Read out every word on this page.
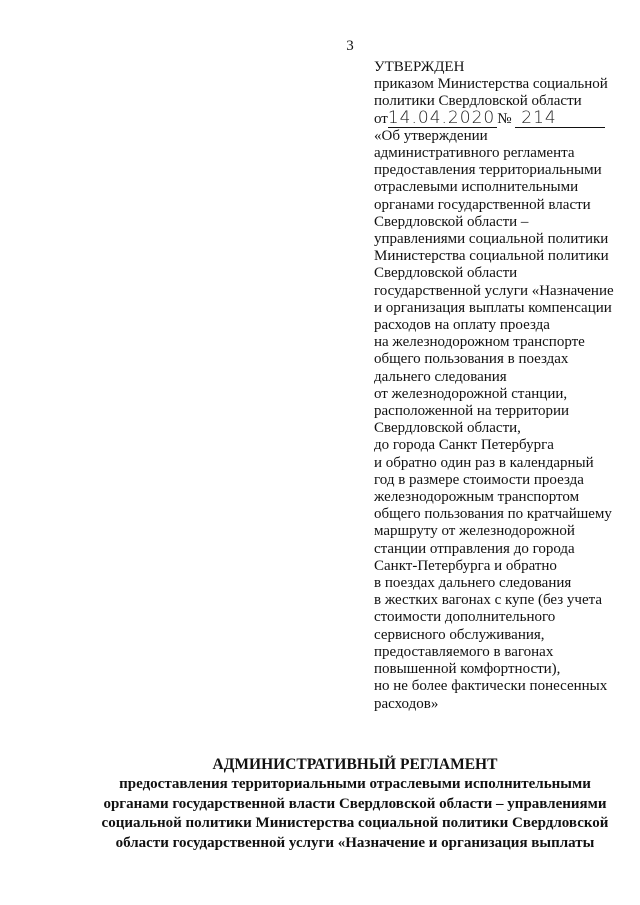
3
УТВЕРЖДЕН
приказом Министерства социальной
политики Свердловской области
от14.04.2020 № 214
«Об утверждении
административного регламента
предоставления территориальными
отраслевыми исполнительными
органами государственной власти
Свердловской области –
управлениями социальной политики
Министерства социальной политики
Свердловской области
государственной услуги «Назначение
и организация выплаты компенсации
расходов на оплату проезда
на железнодорожном транспорте
общего пользования в поездах
дальнего следования
от железнодорожной станции,
расположенной на территории
Свердловской области,
до города Санкт Петербурга
и обратно один раз в календарный
год в размере стоимости проезда
железнодорожным транспортом
общего пользования по кратчайшему
маршруту от железнодорожной
станции отправления до города
Санкт-Петербурга и обратно
в поездах дальнего следования
в жестких вагонах с купе (без учета
стоимости дополнительного
сервисного обслуживания,
предоставляемого в вагонах
повышенной комфортности),
но не более фактически понесенных
расходов»
АДМИНИСТРАТИВНЫЙ РЕГЛАМЕНТ
предоставления территориальными отраслевыми исполнительными
органами государственной власти Свердловской области – управлениями
социальной политики Министерства социальной политики Свердловской
области государственной услуги «Назначение и организация выплаты
